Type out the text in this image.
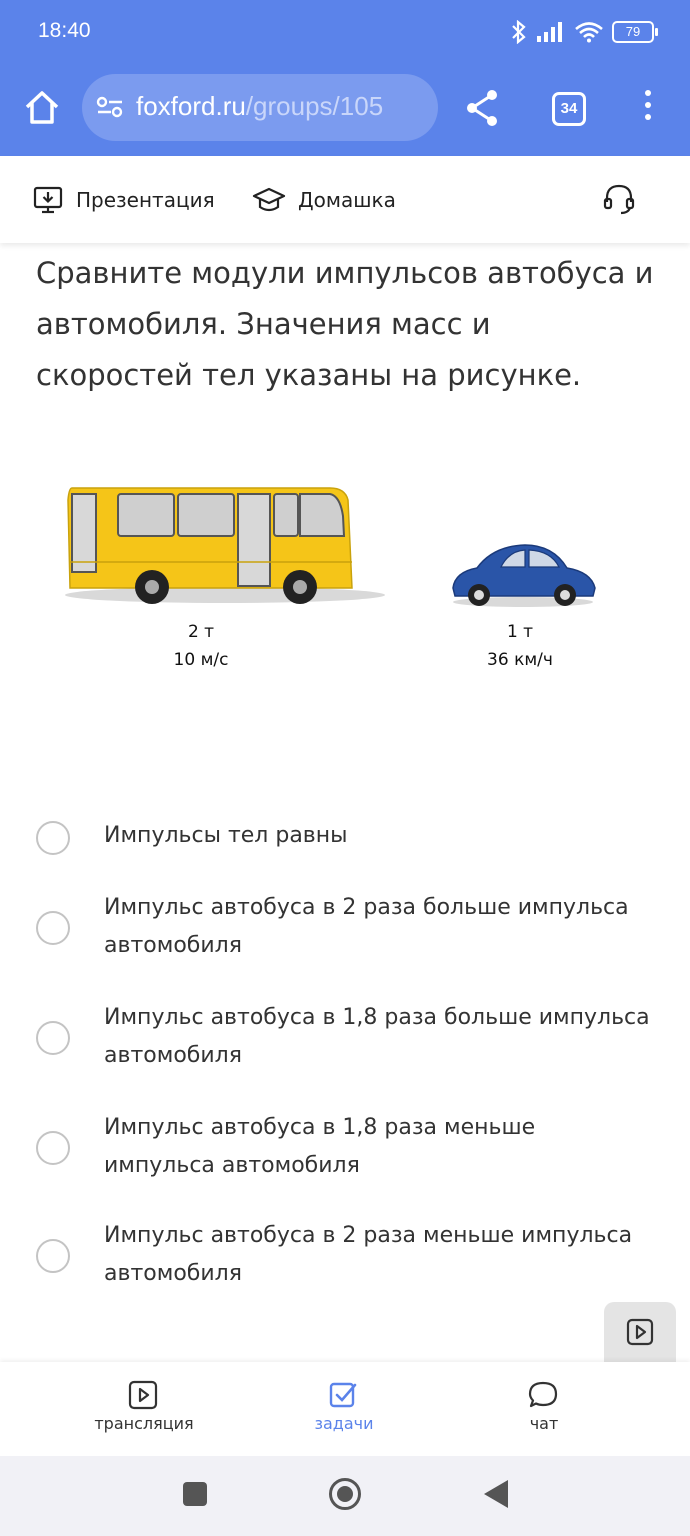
18:40	79
foxford.ru/groups/105	34
Презентация	Домашка
Сравните модули импульсов автобуса и автомобиля. Значения масс и скоростей тел указаны на рисунке.
2 т
10 м/с
1 т
36 км/ч
Импульсы тел равны
Импульс автобуса в 2 раза больше импульса автомобиля
Импульс автобуса в 1,8 раза больше импульса автомобиля
Импульс автобуса в 1,8 раза меньше импульса автомобиля
Импульс автобуса в 2 раза меньше импульса автомобиля
трансляция	задачи	чат
